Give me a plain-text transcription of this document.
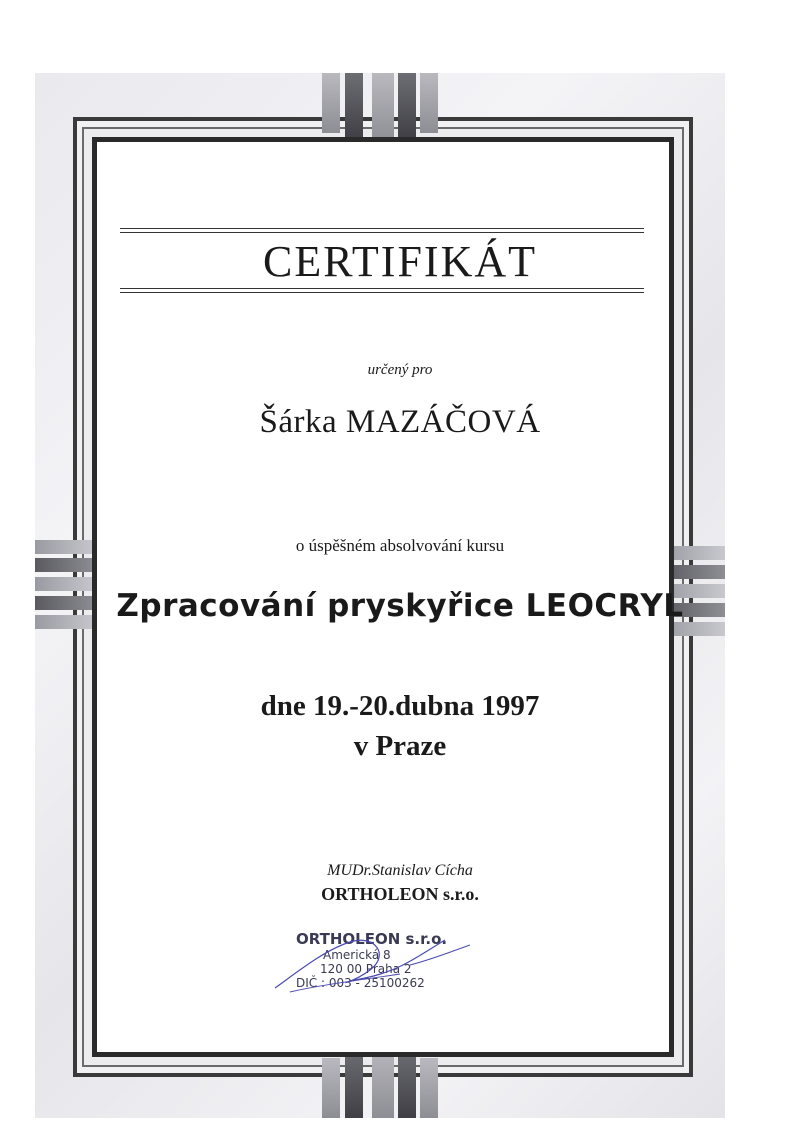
CERTIFIKÁT
určený pro
Šárka MAZÁČOVÁ
o úspěšném absolvování kursu
Zpracování pryskyřice LEOCRYL
dne 19.-20.dubna 1997
v Praze
MUDr.Stanislav Cícha
ORTHOLEON s.r.o.
ORTHOLEON s.r.o.
Americká 8
120 00 Praha 2
DIČ : 003 - 25100262
